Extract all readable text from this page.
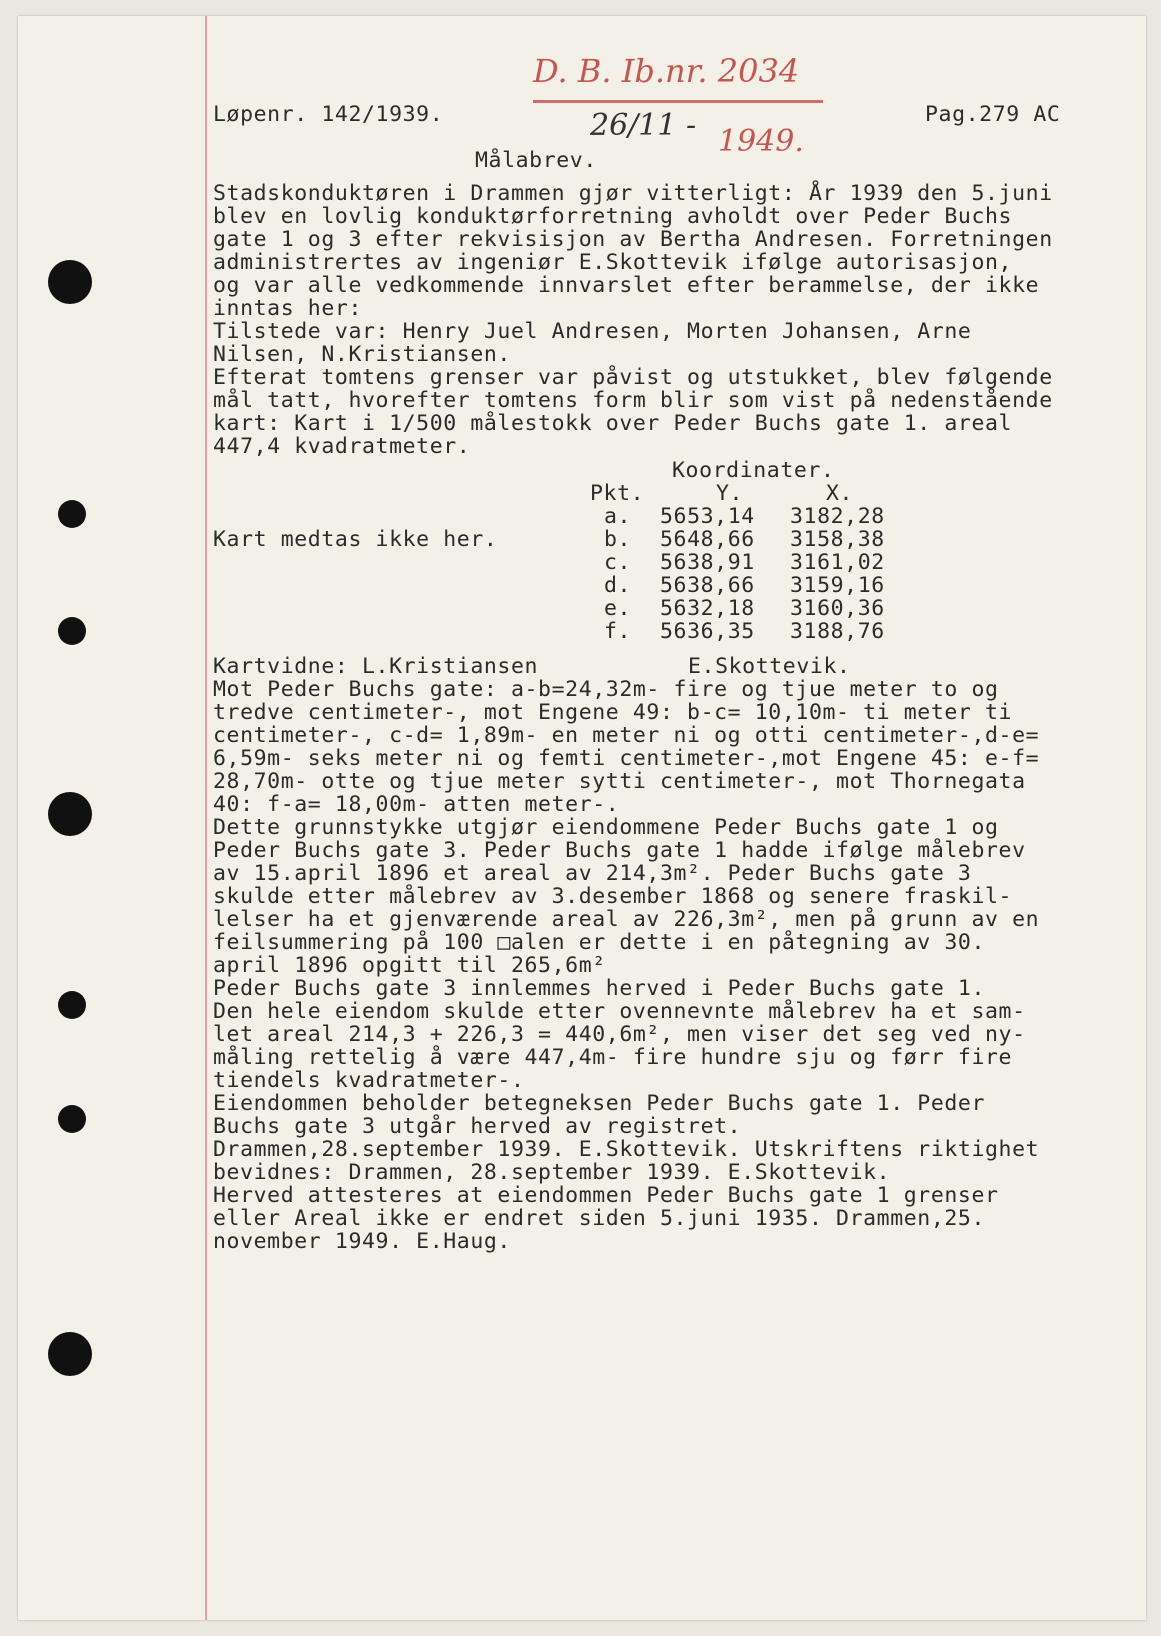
D. B. Ib.nr. 2034
26/11 - 1949.
Løpenr. 142/1939.	Pag.279 AC
Målabrev.
Stadskonduktøren i Drammen gjør vitterligt: År 1939 den 5.juni
blev en lovlig konduktørforretning avholdt over Peder Buchs
gate 1 og 3 efter rekvisisjon av Bertha Andresen. Forretningen
administrertes av ingeniør E.Skottevik ifølge autorisasjon,
og var alle vedkommende innvarslet efter berammelse, der ikke
inntas her:
Tilstede var: Henry Juel Andresen, Morten Johansen, Arne
Nilsen, N.Kristiansen.
Efterat tomtens grenser var påvist og utstukket, blev følgende
mål tatt, hvorefter tomtens form blir som vist på nedenstående
kart: Kart i 1/500 målestokk over Peder Buchs gate 1. areal
447,4 kvadratmeter.
Koordinater.
Pkt.	Y.	X.
Kart medtas ikke her.
a. 5653,14 3182,28
b. 5648,66 3158,38
c. 5638,91 3161,02
d. 5638,66 3159,16
e. 5632,18 3160,36
f. 5636,35 3188,76
Kartvidne: L.Kristiansen	E.Skottevik.
Mot Peder Buchs gate: a-b=24,32m- fire og tjue meter to og
tredve centimeter-, mot Engene 49: b-c= 10,10m- ti meter ti
centimeter-, c-d= 1,89m- en meter ni og otti centimeter-,d-e=
6,59m- seks meter ni og femti centimeter-,mot Engene 45: e-f=
28,70m- otte og tjue meter sytti centimeter-, mot Thornegata
40: f-a= 18,00m- atten meter-.
Dette grunnstykke utgjør eiendommene Peder Buchs gate 1 og
Peder Buchs gate 3. Peder Buchs gate 1 hadde ifølge målebrev
av 15.april 1896 et areal av 214,3m². Peder Buchs gate 3
skulde etter målebrev av 3.desember 1868 og senere fraskil-
lelser ha et gjenværende areal av 226,3m², men på grunn av en
feilsummering på 100 □alen er dette i en påtegning av 30.
april 1896 opgitt til 265,6m²
Peder Buchs gate 3 innlemmes herved i Peder Buchs gate 1.
Den hele eiendom skulde etter ovennevnte målebrev ha et sam-
let areal 214,3 + 226,3 = 440,6m², men viser det seg ved ny-
måling rettelig å være 447,4m- fire hundre sju og førr fire
tiendels kvadratmeter-.
Eiendommen beholder betegneksen Peder Buchs gate 1. Peder
Buchs gate 3 utgår herved av registret.
Drammen,28.september 1939. E.Skottevik. Utskriftens riktighet
bevidnes: Drammen, 28.september 1939. E.Skottevik.
Herved attesteres at eiendommen Peder Buchs gate 1 grenser
eller Areal ikke er endret siden 5.juni 1935. Drammen,25.
november 1949. E.Haug.
